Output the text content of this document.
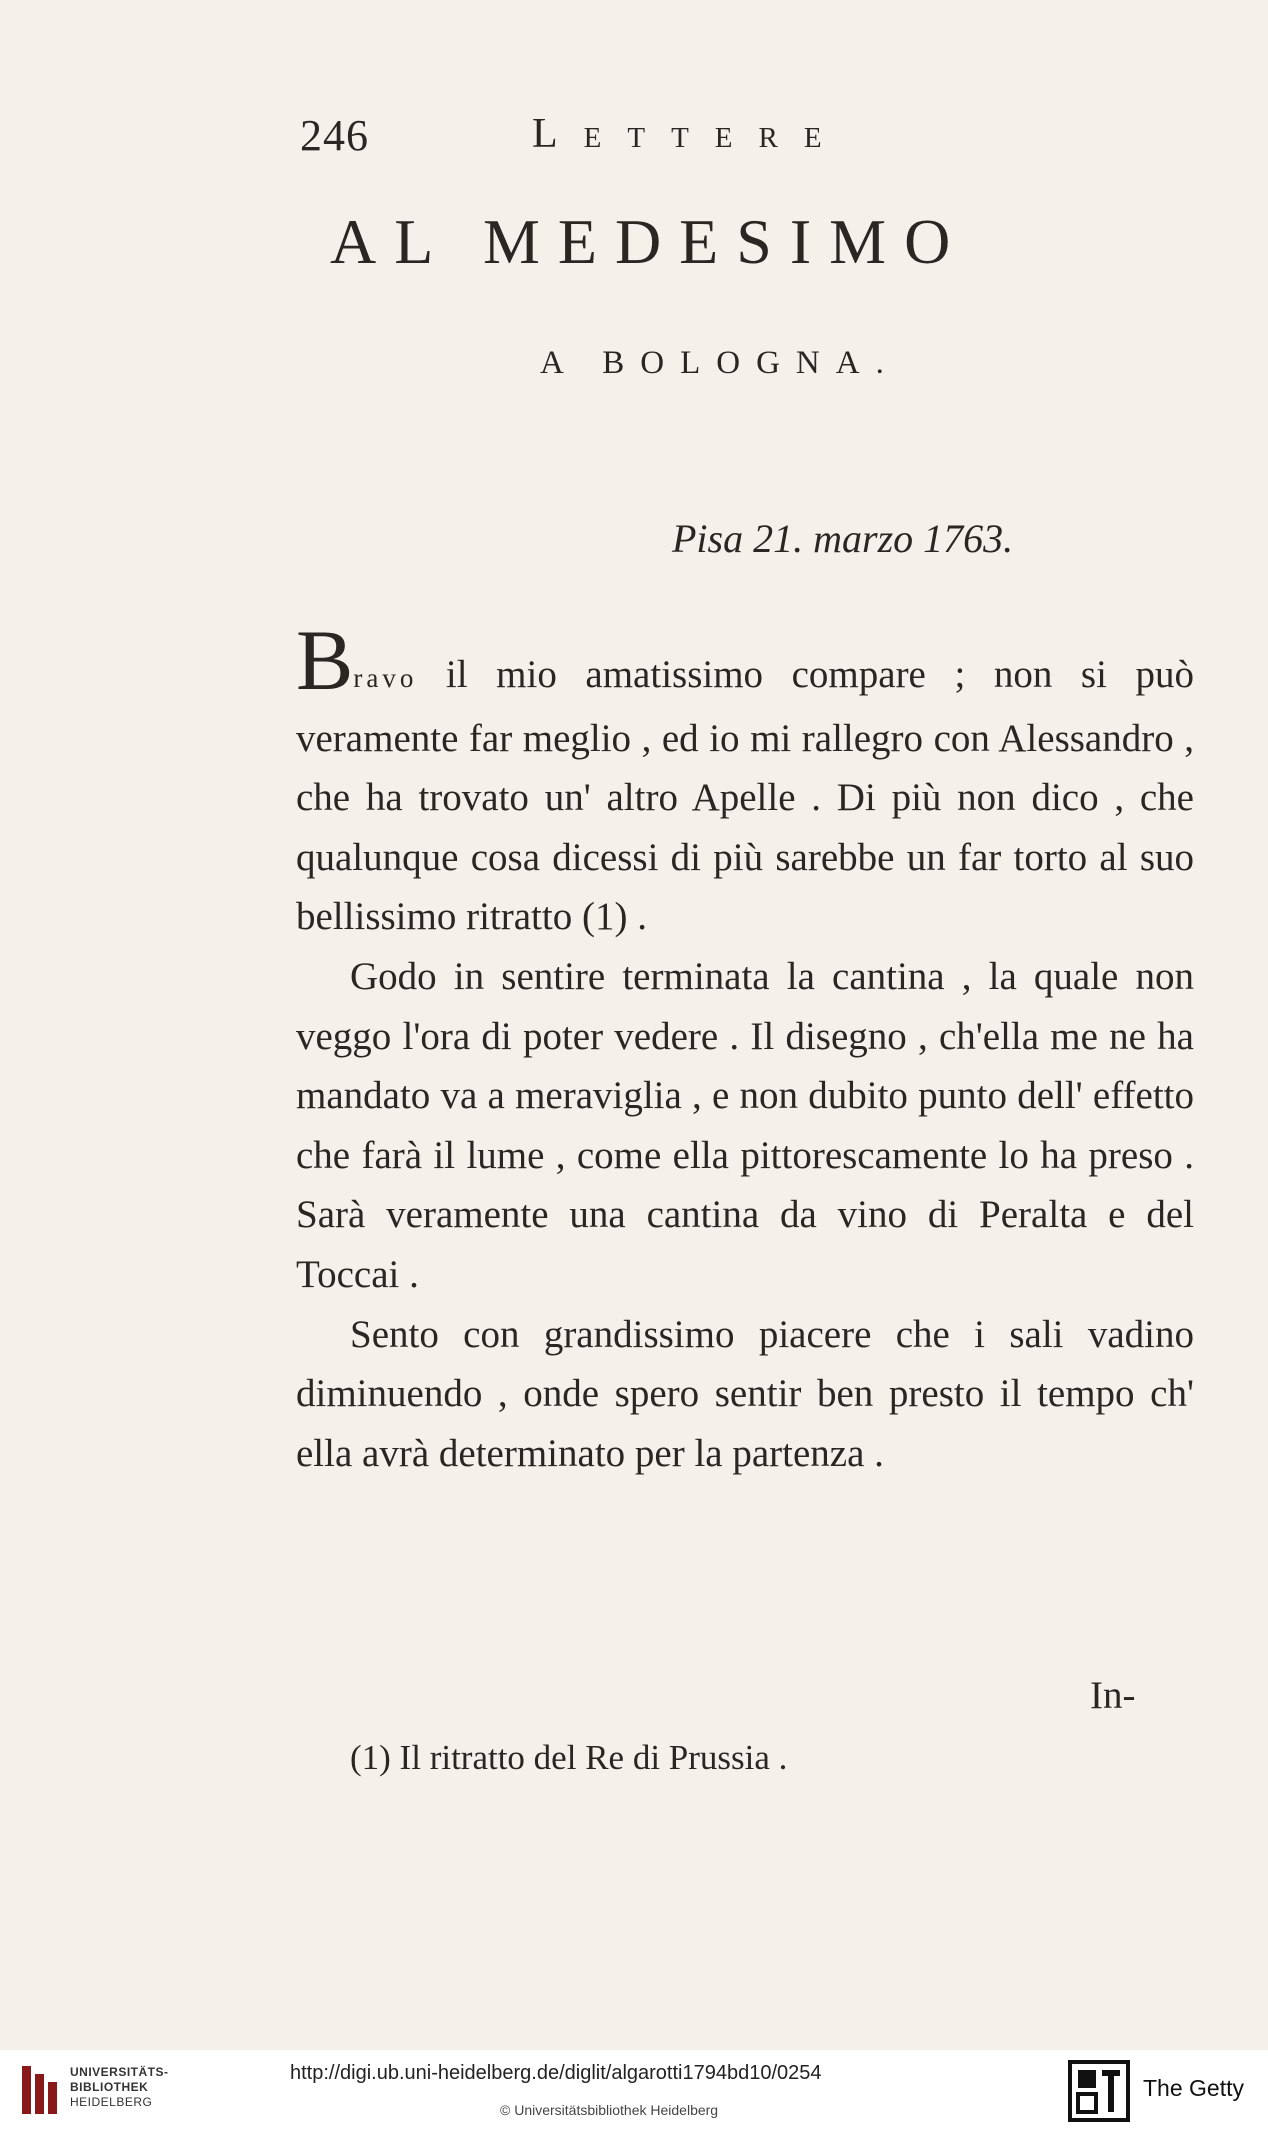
246	Lettere
AL MEDESIMO
A BOLOGNA.
Pisa 21. marzo 1763.

Bravo il mio amatissimo compare ; non si può veramente far meglio , ed io mi rallegro con Alessandro , che ha trovato un' altro Apelle . Di più non dico , che qualunque cosa dicessi di più sarebbe un far torto al suo bellissimo ritratto (1) .

Godo in sentire terminata la cantina , la quale non veggo l'ora di poter vedere . Il disegno , ch'ella me ne ha mandato va a meraviglia , e non dubito punto dell' effetto che farà il lume , come ella pittorescamente lo ha preso . Sarà veramente una cantina da vino di Peralta e del Toccai .

Sento con grandissimo piacere che i sali vadino diminuendo , onde spero sentir ben presto il tempo ch' ella avrà determinato per la partenza .

In-
(1) Il ritratto del Re di Prussia .
UNIVERSITÄTS-
BIBLIOTHEK
HEIDELBERG
http://digi.ub.uni-heidelberg.de/diglit/algarotti1794bd10/0254
© Universitätsbibliothek Heidelberg
The Getty
